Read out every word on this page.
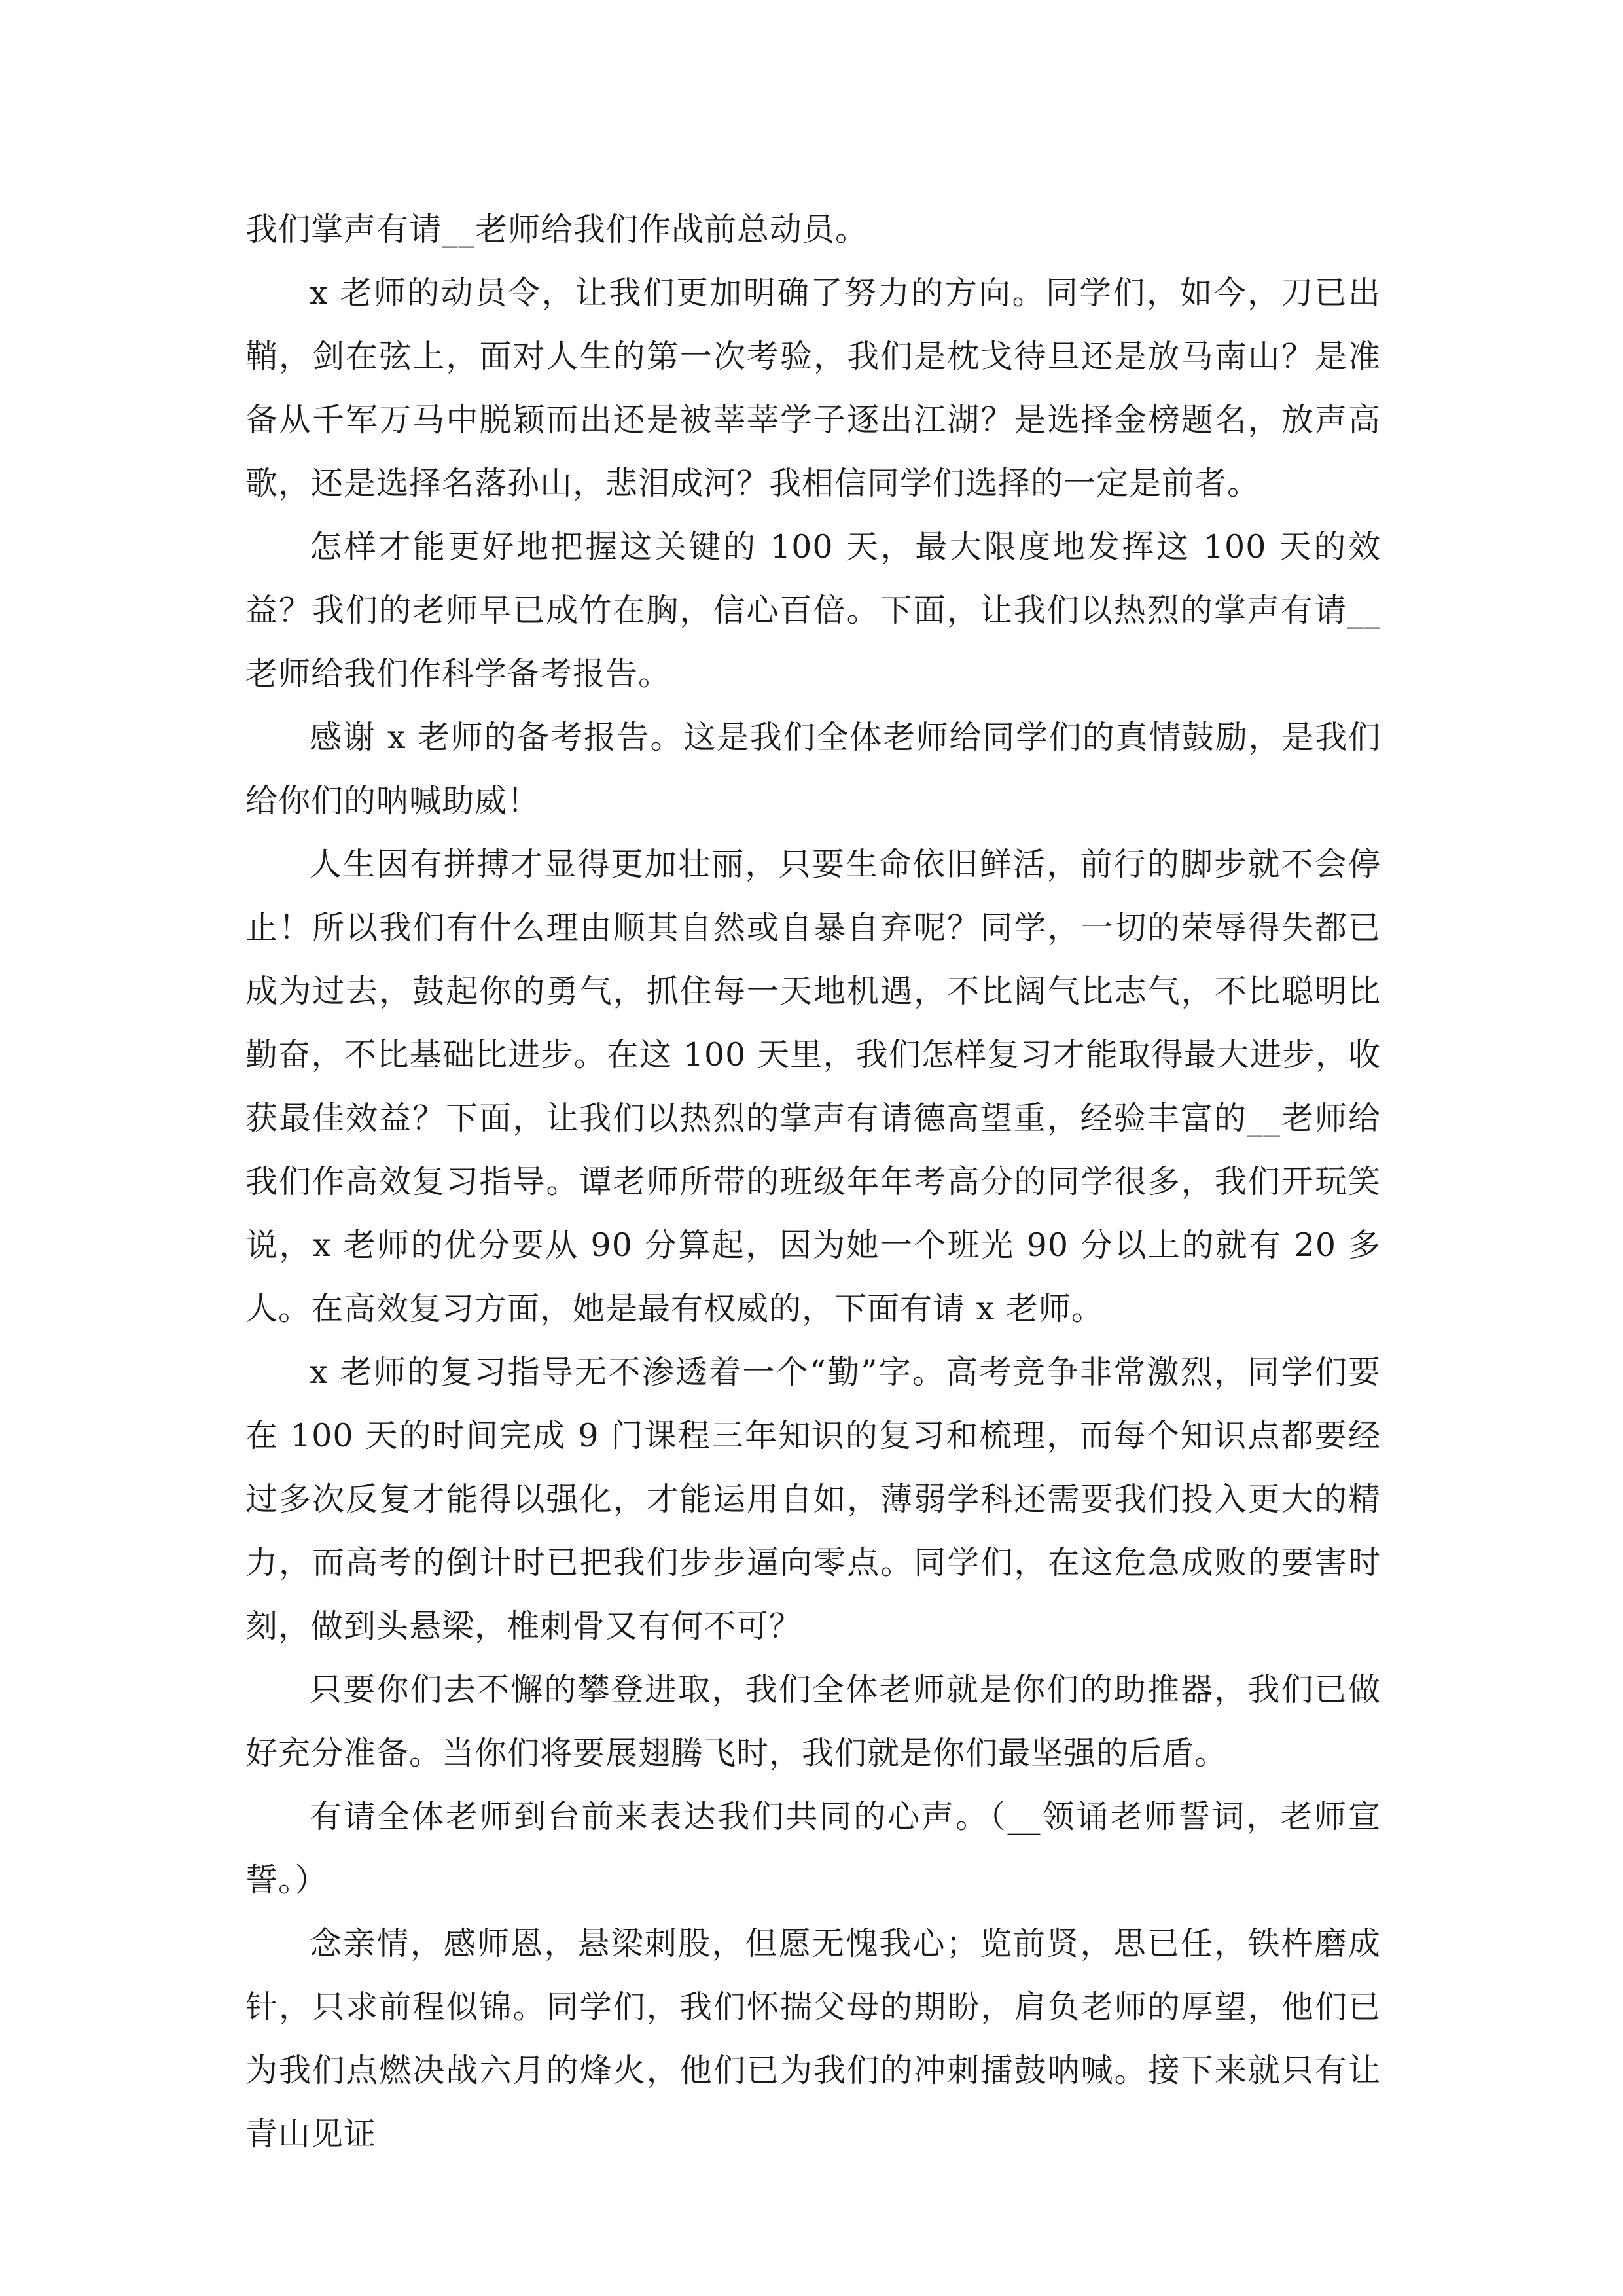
我们掌声有请__老师给我们作战前总动员。

x 老师的动员令，让我们更加明确了努力的方向。同学们，如今，刀已出鞘，剑在弦上，面对人生的第一次考验，我们是枕戈待旦还是放马南山？是准备从千军万马中脱颖而出还是被莘莘学子逐出江湖？是选择金榜题名，放声高歌，还是选择名落孙山，悲泪成河？我相信同学们选择的一定是前者。

怎样才能更好地把握这关键的 100 天，最大限度地发挥这 100 天的效益？我们的老师早已成竹在胸，信心百倍。下面，让我们以热烈的掌声有请__老师给我们作科学备考报告。

感谢 x 老师的备考报告。这是我们全体老师给同学们的真情鼓励，是我们给你们的呐喊助威！

人生因有拼搏才显得更加壮丽，只要生命依旧鲜活，前行的脚步就不会停止！所以我们有什么理由顺其自然或自暴自弃呢？同学，一切的荣辱得失都已成为过去，鼓起你的勇气，抓住每一天地机遇，不比阔气比志气，不比聪明比勤奋，不比基础比进步。在这 100 天里，我们怎样复习才能取得最大进步，收获最佳效益？下面，让我们以热烈的掌声有请德高望重，经验丰富的__老师给我们作高效复习指导。谭老师所带的班级年年考高分的同学很多，我们开玩笑说，x 老师的优分要从 90 分算起，因为她一个班光 90 分以上的就有 20 多人。在高效复习方面，她是最有权威的，下面有请 x 老师。

x 老师的复习指导无不渗透着一个“勤”字。高考竞争非常激烈，同学们要在 100 天的时间完成 9 门课程三年知识的复习和梳理，而每个知识点都要经过多次反复才能得以强化，才能运用自如，薄弱学科还需要我们投入更大的精力，而高考的倒计时已把我们步步逼向零点。同学们，在这危急成败的要害时刻，做到头悬梁，椎刺骨又有何不可？

只要你们去不懈的攀登进取，我们全体老师就是你们的助推器，我们已做好充分准备。当你们将要展翅腾飞时，我们就是你们最坚强的后盾。

有请全体老师到台前来表达我们共同的心声。（__领诵老师誓词，老师宣誓。）

念亲情，感师恩，悬梁刺股，但愿无愧我心；览前贤，思已任，铁杵磨成针，只求前程似锦。同学们，我们怀揣父母的期盼，肩负老师的厚望，他们已为我们点燃决战六月的烽火，他们已为我们的冲刺擂鼓呐喊。接下来就只有让青山见证
